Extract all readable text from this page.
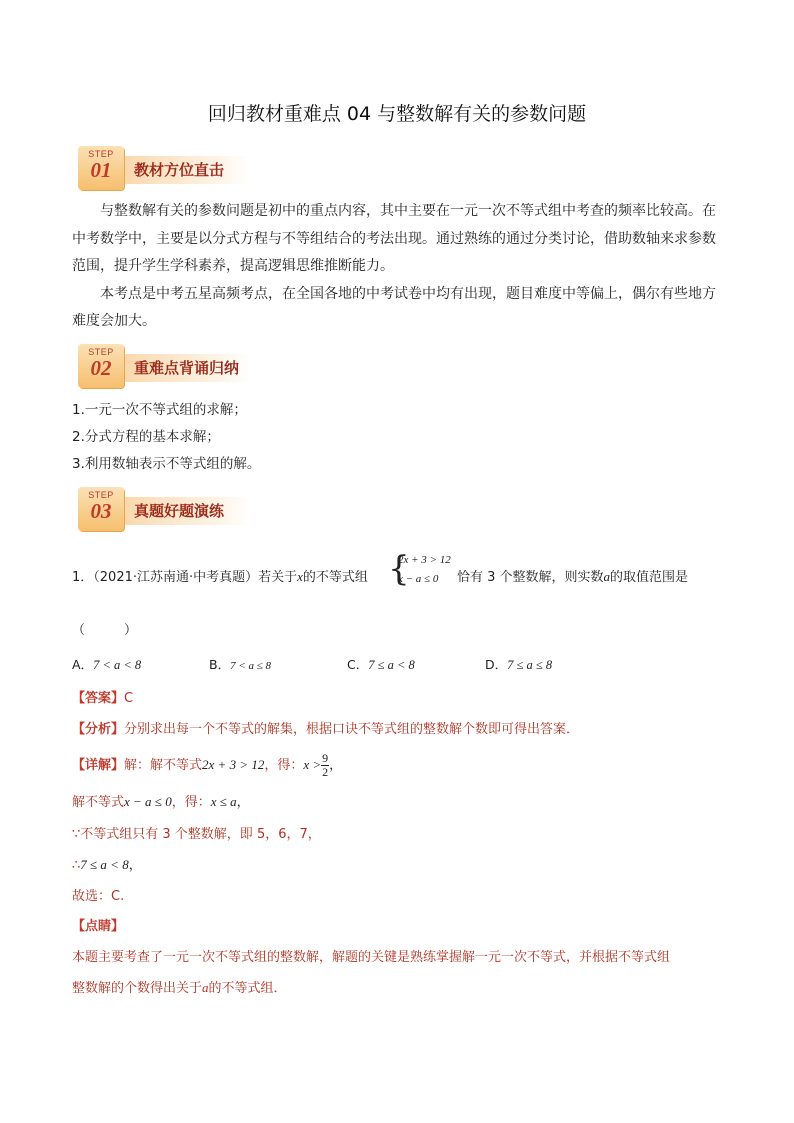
回归教材重难点 04 与整数解有关的参数问题
STEP
01	教材方位直击

与整数解有关的参数问题是初中的重点内容，其中主要在一元一次不等式组中考查的频率比较高。在中考数学中，主要是以分式方程与不等组结合的考法出现。通过熟练的通过分类讨论，借助数轴来求参数范围，提升学生学科素养，提高逻辑思维推断能力。

本考点是中考五星高频考点，在全国各地的中考试卷中均有出现，题目难度中等偏上，偶尔有些地方难度会加大。

STEP
02	重难点背诵归纳
1.一元一次不等式组的求解；
2.分式方程的基本求解；
3.利用数轴表示不等式组的解。
STEP
03	真题好题演练
1．（2021·江苏南通·中考真题）若关于x的不等式组 {
2x + 3 > 12
x − a ≤ 0 恰有 3 个整数解，则实数a的取值范围是
（　　　）
A．7 < a < 8	B．7 < a ≤ 8	C．7 ≤ a < 8	D．7 ≤ a ≤ 8
【答案】C
【分析】分别求出每一个不等式的解集，根据口诀不等式组的整数解个数即可得出答案．
【详解】解：解不等式2x + 3 > 12，得：$x > \frac{9}{2}$ ，
解不等式x − a ≤ 0，得：x ≤ a，
∵不等式组只有 3 个整数解，即 5，6，7，
∴7 ≤ a < 8，
故选：C.
【点睛】
本题主要考查了一元一次不等式组的整数解，解题的关键是熟练掌握解一元一次不等式，并根据不等式组
整数解的个数得出关于a的不等式组．
